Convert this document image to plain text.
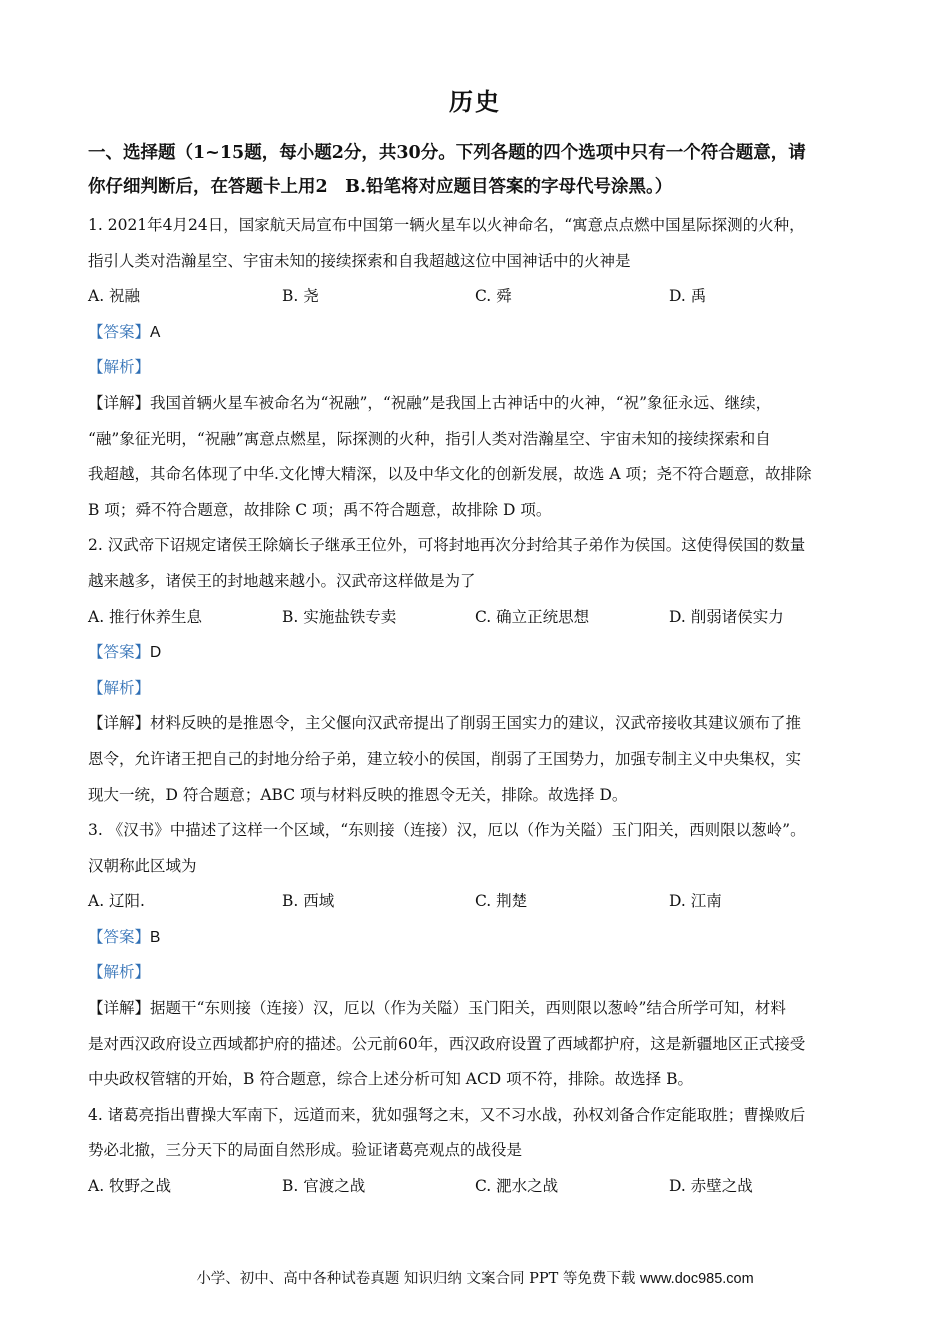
历史
一、选择题（1~15题，每小题2分，共30分。下列各题的四个选项中只有一个符合题意，请
你仔细判断后，在答题卡上用2　B.铅笔将对应题目答案的字母代号涂黑。）
1. 2021年4月24日，国家航天局宣布中国第一辆火星车以火神命名，“寓意点点燃中国星际探测的火种，
指引人类对浩瀚星空、宇宙未知的接续探索和自我超越这位中国神话中的火神是
A. 祝融	B. 尧	C. 舜	D. 禹
【答案】A
【解析】
【详解】我国首辆火星车被命名为“祝融”，“祝融”是我国上古神话中的火神，“祝”象征永远、继续，
“融”象征光明，“祝融”寓意点燃星，际探测的火种，指引人类对浩瀚星空、宇宙未知的接续探索和自
我超越，其命名体现了中华.文化博大精深，以及中华文化的创新发展，故选 A 项；尧不符合题意，故排除
B 项；舜不符合题意，故排除 C 项；禹不符合题意，故排除 D 项。
2. 汉武帝下诏规定诸侯王除嫡长子继承王位外，可将封地再次分封给其子弟作为侯国。这使得侯国的数量
越来越多，诸侯王的封地越来越小。汉武帝这样做是为了
A. 推行休养生息	B. 实施盐铁专卖	C. 确立正统思想	D. 削弱诸侯实力
【答案】D
【解析】
【详解】材料反映的是推恩令，主父偃向汉武帝提出了削弱王国实力的建议，汉武帝接收其建议颁布了推
恩令，允许诸王把自己的封地分给子弟，建立较小的侯国，削弱了王国势力，加强专制主义中央集权，实
现大一统，D 符合题意；ABC 项与材料反映的推恩令无关，排除。故选择 D。
3. 《汉书》中描述了这样一个区域，“东则接（连接）汉，厄以（作为关隘）玉门阳关，西则限以葱岭”。
汉朝称此区域为
A. 辽阳.	B. 西域	C. 荆楚	D. 江南
【答案】B
【解析】
【详解】据题干“东则接（连接）汉，厄以（作为关隘）玉门阳关，西则限以葱岭”结合所学可知，材料
是对西汉政府设立西域都护府的描述。公元前60年，西汉政府设置了西域都护府，这是新疆地区正式接受
中央政权管辖的开始，B 符合题意，综合上述分析可知 ACD 项不符，排除。故选择 B。
4. 诸葛亮指出曹操大军南下，远道而来，犹如强弩之末，又不习水战，孙权刘备合作定能取胜；曹操败后
势必北撤，三分天下的局面自然形成。验证诸葛亮观点的战役是
A. 牧野之战	B. 官渡之战	C. 淝水之战	D. 赤壁之战
小学、初中、高中各种试卷真题 知识归纳 文案合同 PPT 等免费下载 www.doc985.com
